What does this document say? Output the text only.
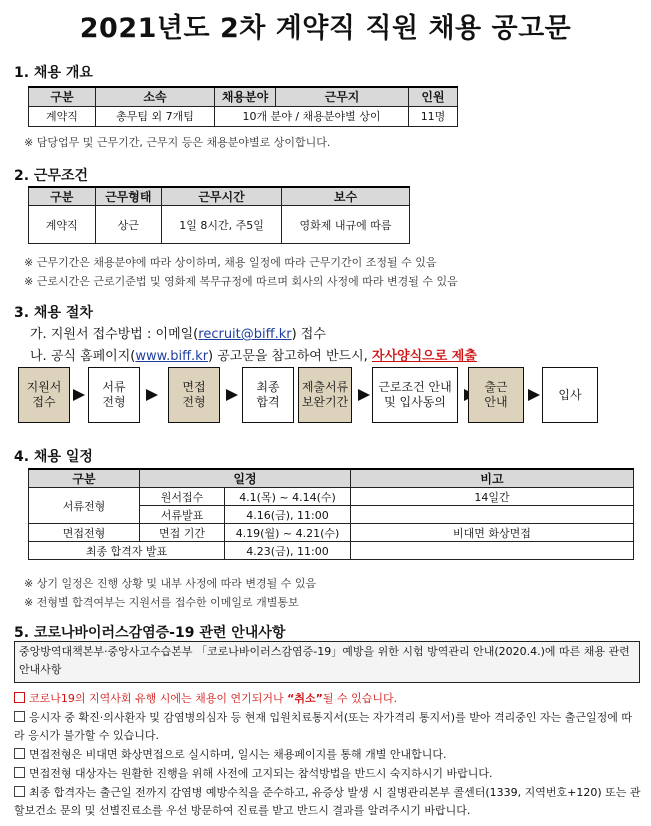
2021년도 2차 계약직 직원 채용 공고문
1. 채용 개요
구분	소속	채용분야	근무지	인원
계약직	총무팀 외 7개팀	10개 분야 / 채용분야별 상이		11명
※ 담당업무 및 근무기간, 근무지 등은 채용분야별로 상이합니다.
2. 근무조건
구분	근무형태	근무시간	보수
계약직	상근	1일 8시간, 주5일	영화제 내규에 따름
※ 근무기간은 채용분야에 따라 상이하며, 채용 일정에 따라 근무기간이 조정될 수 있음
※ 근로시간은 근로기준법 및 영화제 복무규정에 따르며 회사의 사정에 따라 변경될 수 있음
3. 채용 절차
가. 지원서 접수방법 : 이메일(recruit@biff.kr) 접수
나. 공식 홈페이지(www.biff.kr) 공고문을 참고하여 반드시, 자사양식으로 제출
지원서
접수
서류
전형
면접
전형
최종
합격
제출서류
보완기간
근로조건 안내
및 입사동의
출근
안내
입사
4. 채용 일정
구분	일정		비고
서류전형	원서접수	4.1(목) ~ 4.14(수)	14일간
	서류발표	4.16(금), 11:00	
면접전형	면접 기간	4.19(월) ~ 4.21(수)	비대면 화상면접
최종 합격자 발표		4.23(금), 11:00	
※ 상기 일정은 진행 상황 및 내부 사정에 따라 변경될 수 있음
※ 전형별 합격여부는 지원서를 접수한 이메일로 개별통보
5. 코로나바이러스감염증-19 관련 안내사항
중앙방역대책본부·중앙사고수습본부 「코로나바이러스감염증-19」예방을 위한 시험 방역관리 안내(2020.4.)에 따른 채용 관련 안내사항
코로나19의 지역사회 유행 시에는 채용이 연기되거나 “취소”될 수 있습니다.
응시자 중 확진·의사환자 및 감염병의심자 등 현재 입원치료통지서(또는 자가격리 통지서)를 받아 격리중인 자는 출근일정에 따라 응시가 불가할 수 있습니다.
면접전형은 비대면 화상면접으로 실시하며, 일시는 채용페이지를 통해 개별 안내합니다.
면접전형 대상자는 원활한 진행을 위해 사전에 고지되는 참석방법을 반드시 숙지하시기 바랍니다.
최종 합격자는 출근일 전까지 감염병 예방수칙을 준수하고, 유증상 발생 시 질병관리본부 콜센터(1339, 지역번호+120) 또는 관할보건소 문의 및 선별진료소를 우선 방문하여 진료를 받고 반드시 결과를 알려주시기 바랍니다.
